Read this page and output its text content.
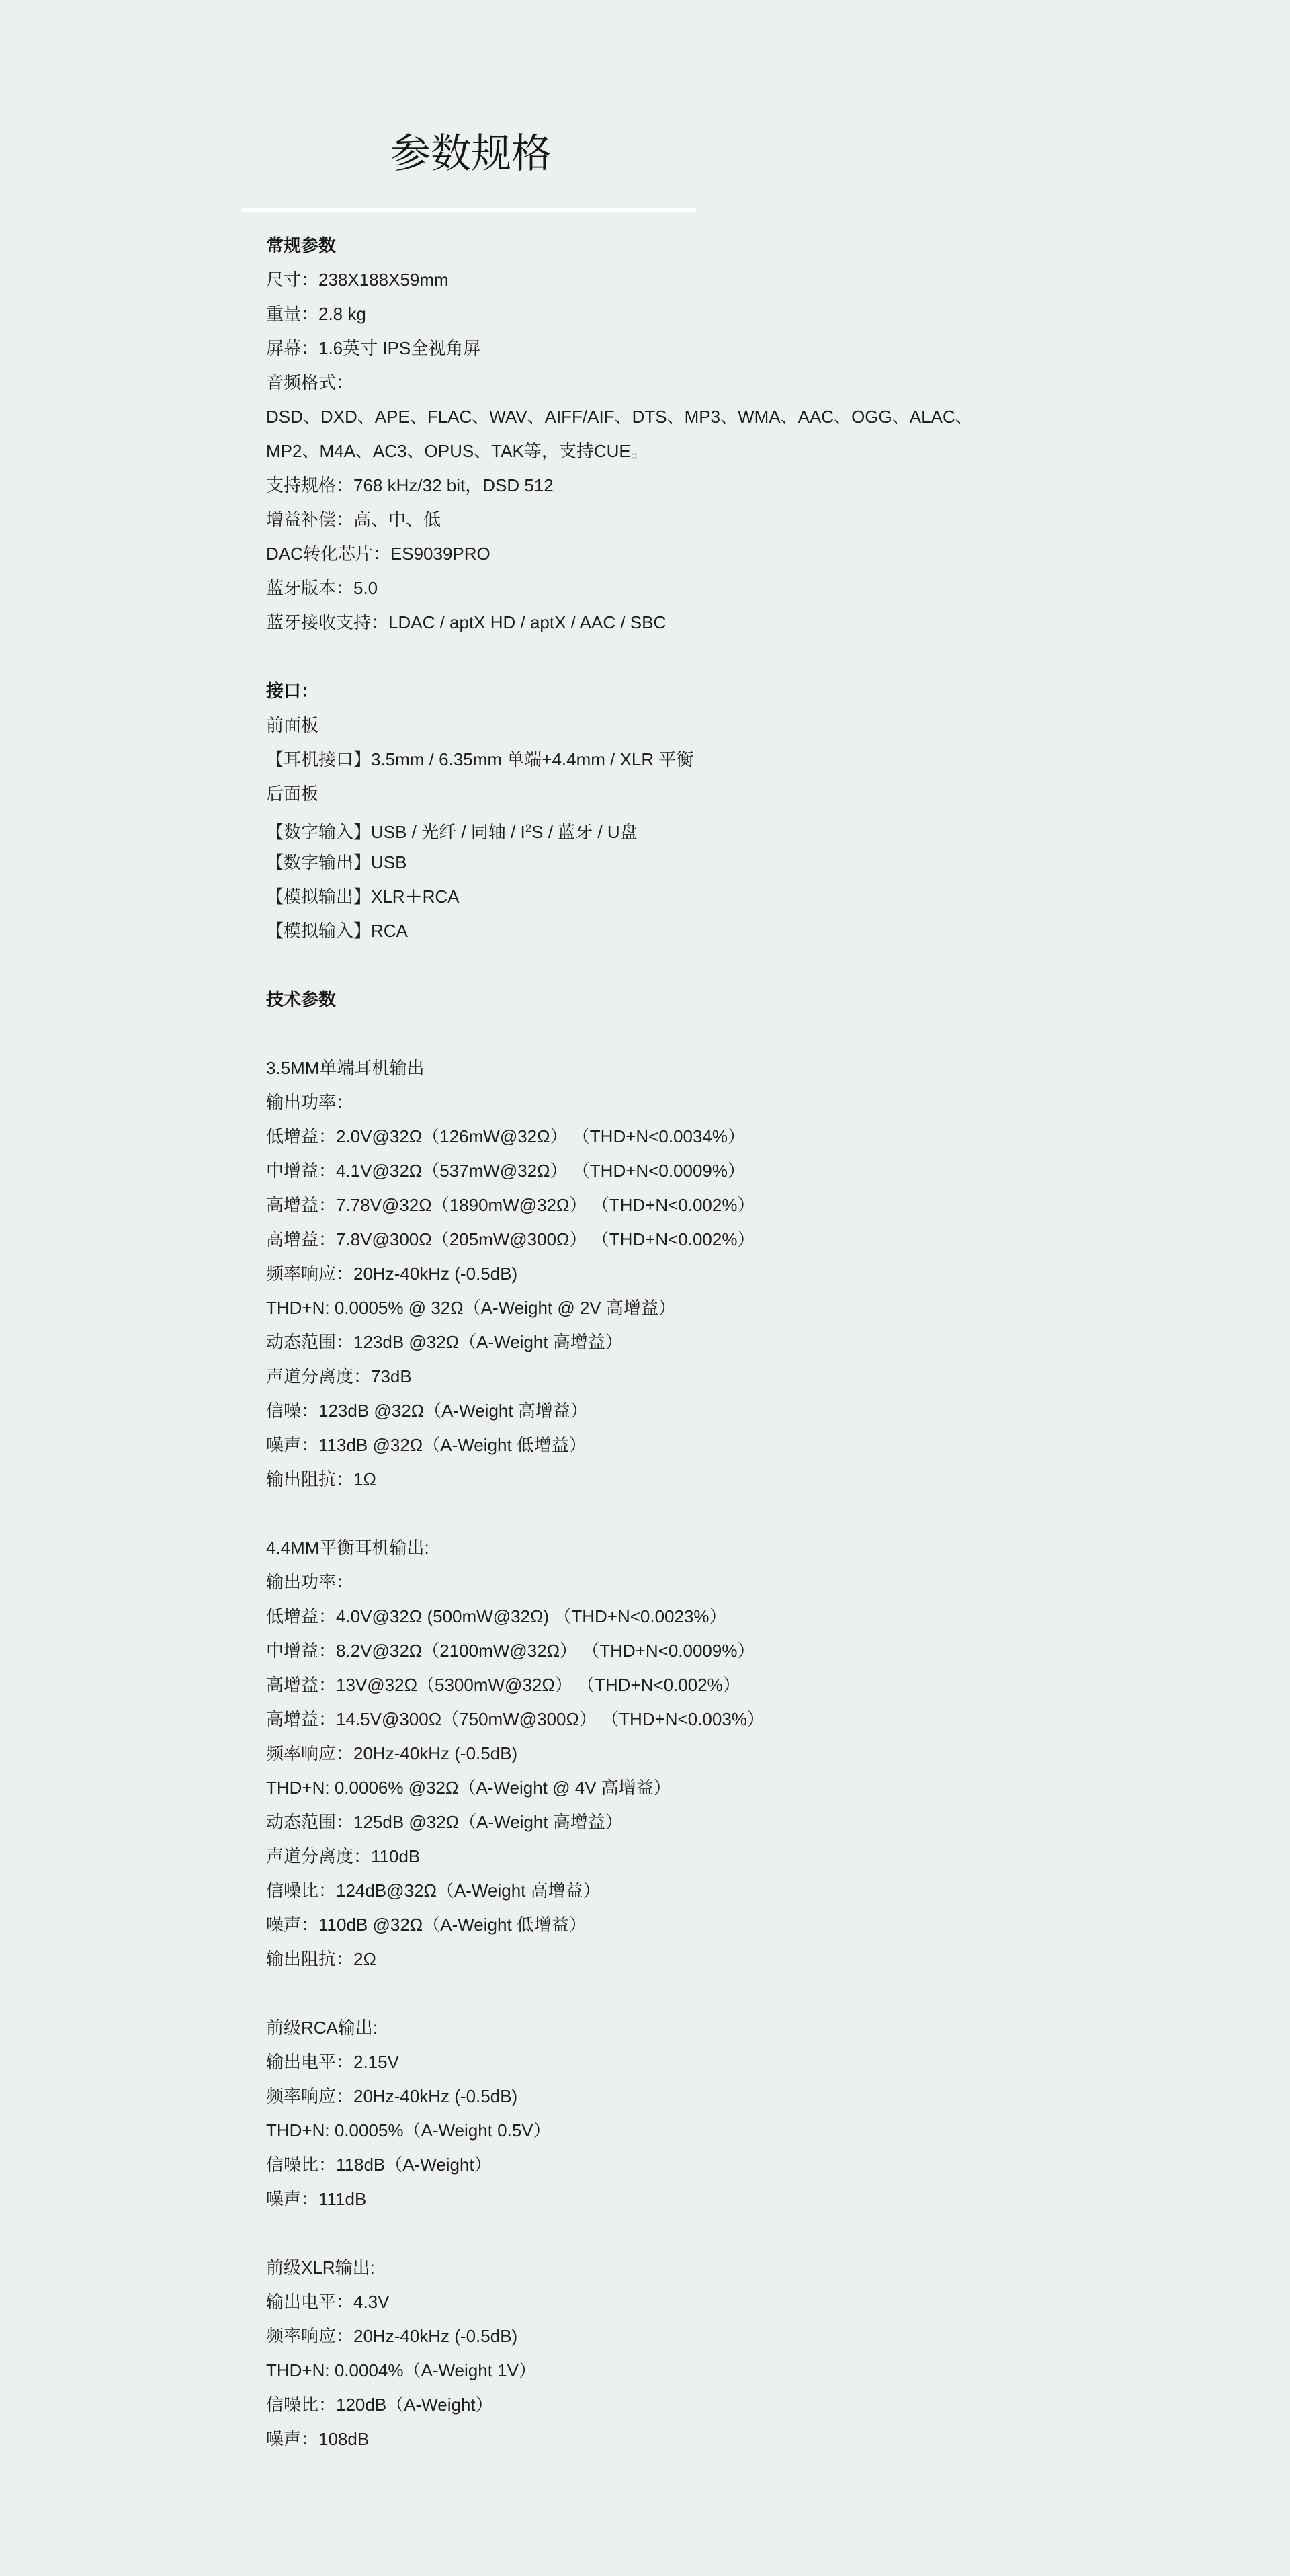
参数规格
常规参数
尺寸：238X188X59mm
重量：2.8 kg
屏幕：1.6英寸 IPS全视角屏
音频格式：
DSD、DXD、APE、FLAC、WAV、AIFF/AIF、DTS、MP3、WMA、AAC、OGG、ALAC、
MP2、M4A、AC3、OPUS、TAK等，支持CUE。
支持规格：768 kHz/32 bit，DSD 512
增益补偿：高、中、低
DAC转化芯片：ES9039PRO
蓝牙版本：5.0
蓝牙接收支持：LDAC / aptX HD / aptX / AAC / SBC
接口：
前面板
【耳机接口】3.5mm / 6.35mm 单端+4.4mm / XLR 平衡
后面板
【数字输入】USB / 光纤 / 同轴 / $I^2S$ / 蓝牙 / U盘
【数字输出】USB
【模拟输出】XLR＋RCA
【模拟输入】RCA
技术参数
3.5MM单端耳机输出
输出功率：
低增益：2.0V@32Ω（126mW@32Ω） （THD+N<0.0034%）
中增益：4.1V@32Ω（537mW@32Ω） （THD+N<0.0009%）
高增益：7.78V@32Ω（1890mW@32Ω） （THD+N<0.002%）
高增益：7.8V@300Ω（205mW@300Ω） （THD+N<0.002%）
频率响应：20Hz-40kHz (-0.5dB)
THD+N: 0.0005% @ 32Ω（A-Weight @ 2V 高增益）
动态范围：123dB @32Ω（A-Weight 高增益）
声道分离度：73dB
信噪：123dB @32Ω（A-Weight 高增益）
噪声：113dB @32Ω（A-Weight 低增益）
输出阻抗：1Ω
4.4MM平衡耳机输出:
输出功率：
低增益：4.0V@32Ω (500mW@32Ω) （THD+N<0.0023%）
中增益：8.2V@32Ω（2100mW@32Ω） （THD+N<0.0009%）
高增益：13V@32Ω（5300mW@32Ω） （THD+N<0.002%）
高增益：14.5V@300Ω（750mW@300Ω） （THD+N<0.003%）
频率响应：20Hz-40kHz (-0.5dB)
THD+N: 0.0006% @32Ω（A-Weight @ 4V 高增益）
动态范围：125dB @32Ω（A-Weight 高增益）
声道分离度：110dB
信噪比：124dB@32Ω（A-Weight 高增益）
噪声：110dB @32Ω（A-Weight 低增益）
输出阻抗：2Ω
前级RCA输出:
输出电平：2.15V
频率响应：20Hz-40kHz (-0.5dB)
THD+N: 0.0005%（A-Weight 0.5V）
信噪比：118dB（A-Weight）
噪声：111dB
前级XLR输出:
输出电平：4.3V
频率响应：20Hz-40kHz (-0.5dB)
THD+N: 0.0004%（A-Weight 1V）
信噪比：120dB（A-Weight）
噪声：108dB
